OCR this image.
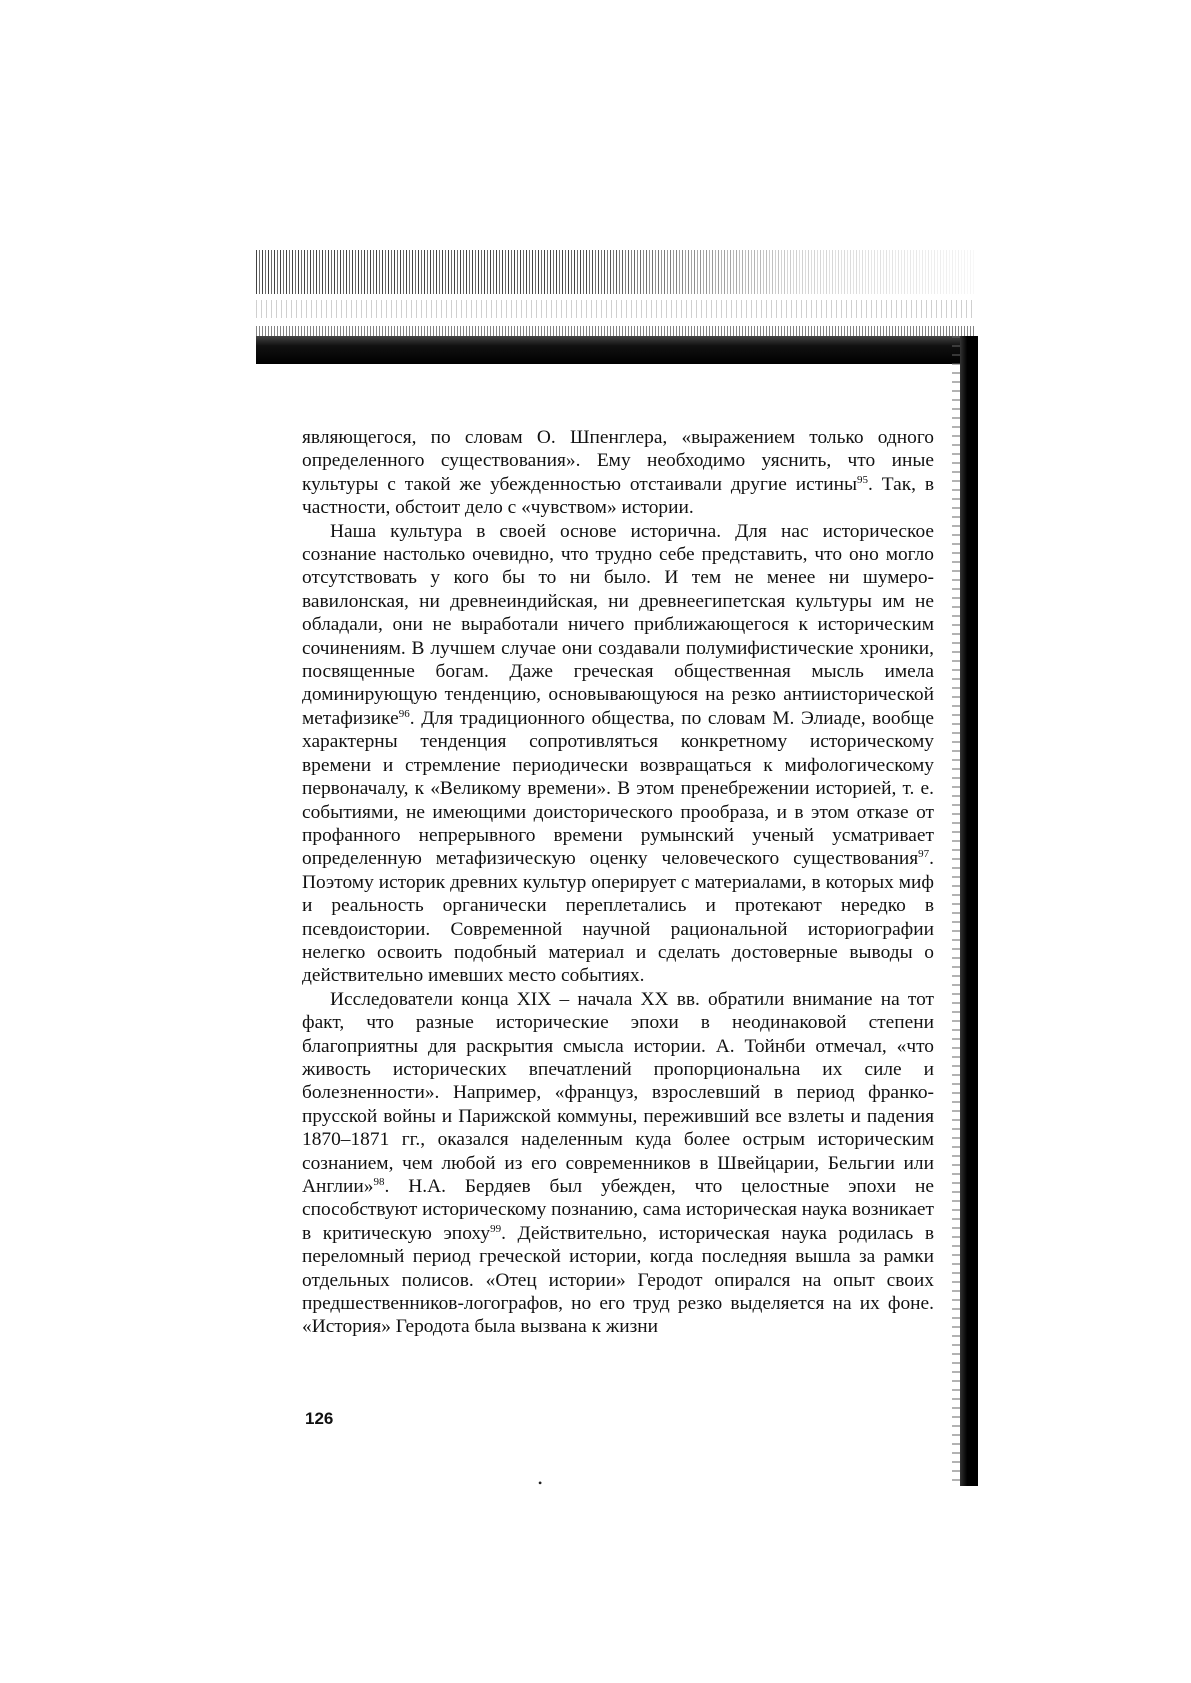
являющегося, по словам О. Шпенглера, «выражением только одного определенного существования». Ему необходимо уяснить, что иные культуры с такой же убежденностью отстаивали другие истины$^{95}$. Так, в частности, обстоит дело с «чувством» истории.

Наша культура в своей основе исторична. Для нас историческое сознание настолько очевидно, что трудно себе представить, что оно могло отсутствовать у кого бы то ни было. И тем не менее ни шумеро-вавилонская, ни древнеиндийская, ни древнеегипетская культуры им не обладали, они не выработали ничего приближающегося к историческим сочинениям. В лучшем случае они создавали полумифистические хроники, посвященные богам. Даже греческая общественная мысль имела доминирующую тенденцию, основывающуюся на резко антиисторической метафизике$^{96}$. Для традиционного общества, по словам М. Элиаде, вообще характерны тенденция сопротивляться конкретному историческому времени и стремление периодически возвращаться к мифологическому первоначалу, к «Великому времени». В этом пренебрежении историей, т. е. событиями, не имеющими доисторического прообраза, и в этом отказе от профанного непрерывного времени румынский ученый усматривает определенную метафизическую оценку человеческого существования$^{97}$. Поэтому историк древних культур оперирует с материалами, в которых миф и реальность органически переплетались и протекают нередко в псевдоистории. Современной научной рациональной историографии нелегко освоить подобный материал и сделать достоверные выводы о действительно имевших место событиях.

Исследователи конца XIX – начала XX вв. обратили внимание на тот факт, что разные исторические эпохи в неодинаковой степени благоприятны для раскрытия смысла истории. А. Тойнби отмечал, «что живость исторических впечатлений пропорциональна их силе и болезненности». Например, «француз, взрослевший в период франко-прусской войны и Парижской коммуны, переживший все взлеты и падения 1870–1871 гг., оказался наделенным куда более острым историческим сознанием, чем любой из его современников в Швейцарии, Бельгии или Англии»$^{98}$. Н.А. Бердяев был убежден, что целостные эпохи не способствуют историческому познанию, сама историческая наука возникает в критическую эпоху$^{99}$. Действительно, историческая наука родилась в переломный период греческой истории, когда последняя вышла за рамки отдельных полисов. «Отец истории» Геродот опирался на опыт своих предшественников-логографов, но его труд резко выделяется на их фоне. «История» Геродота была вызвана к жизни

126
•
